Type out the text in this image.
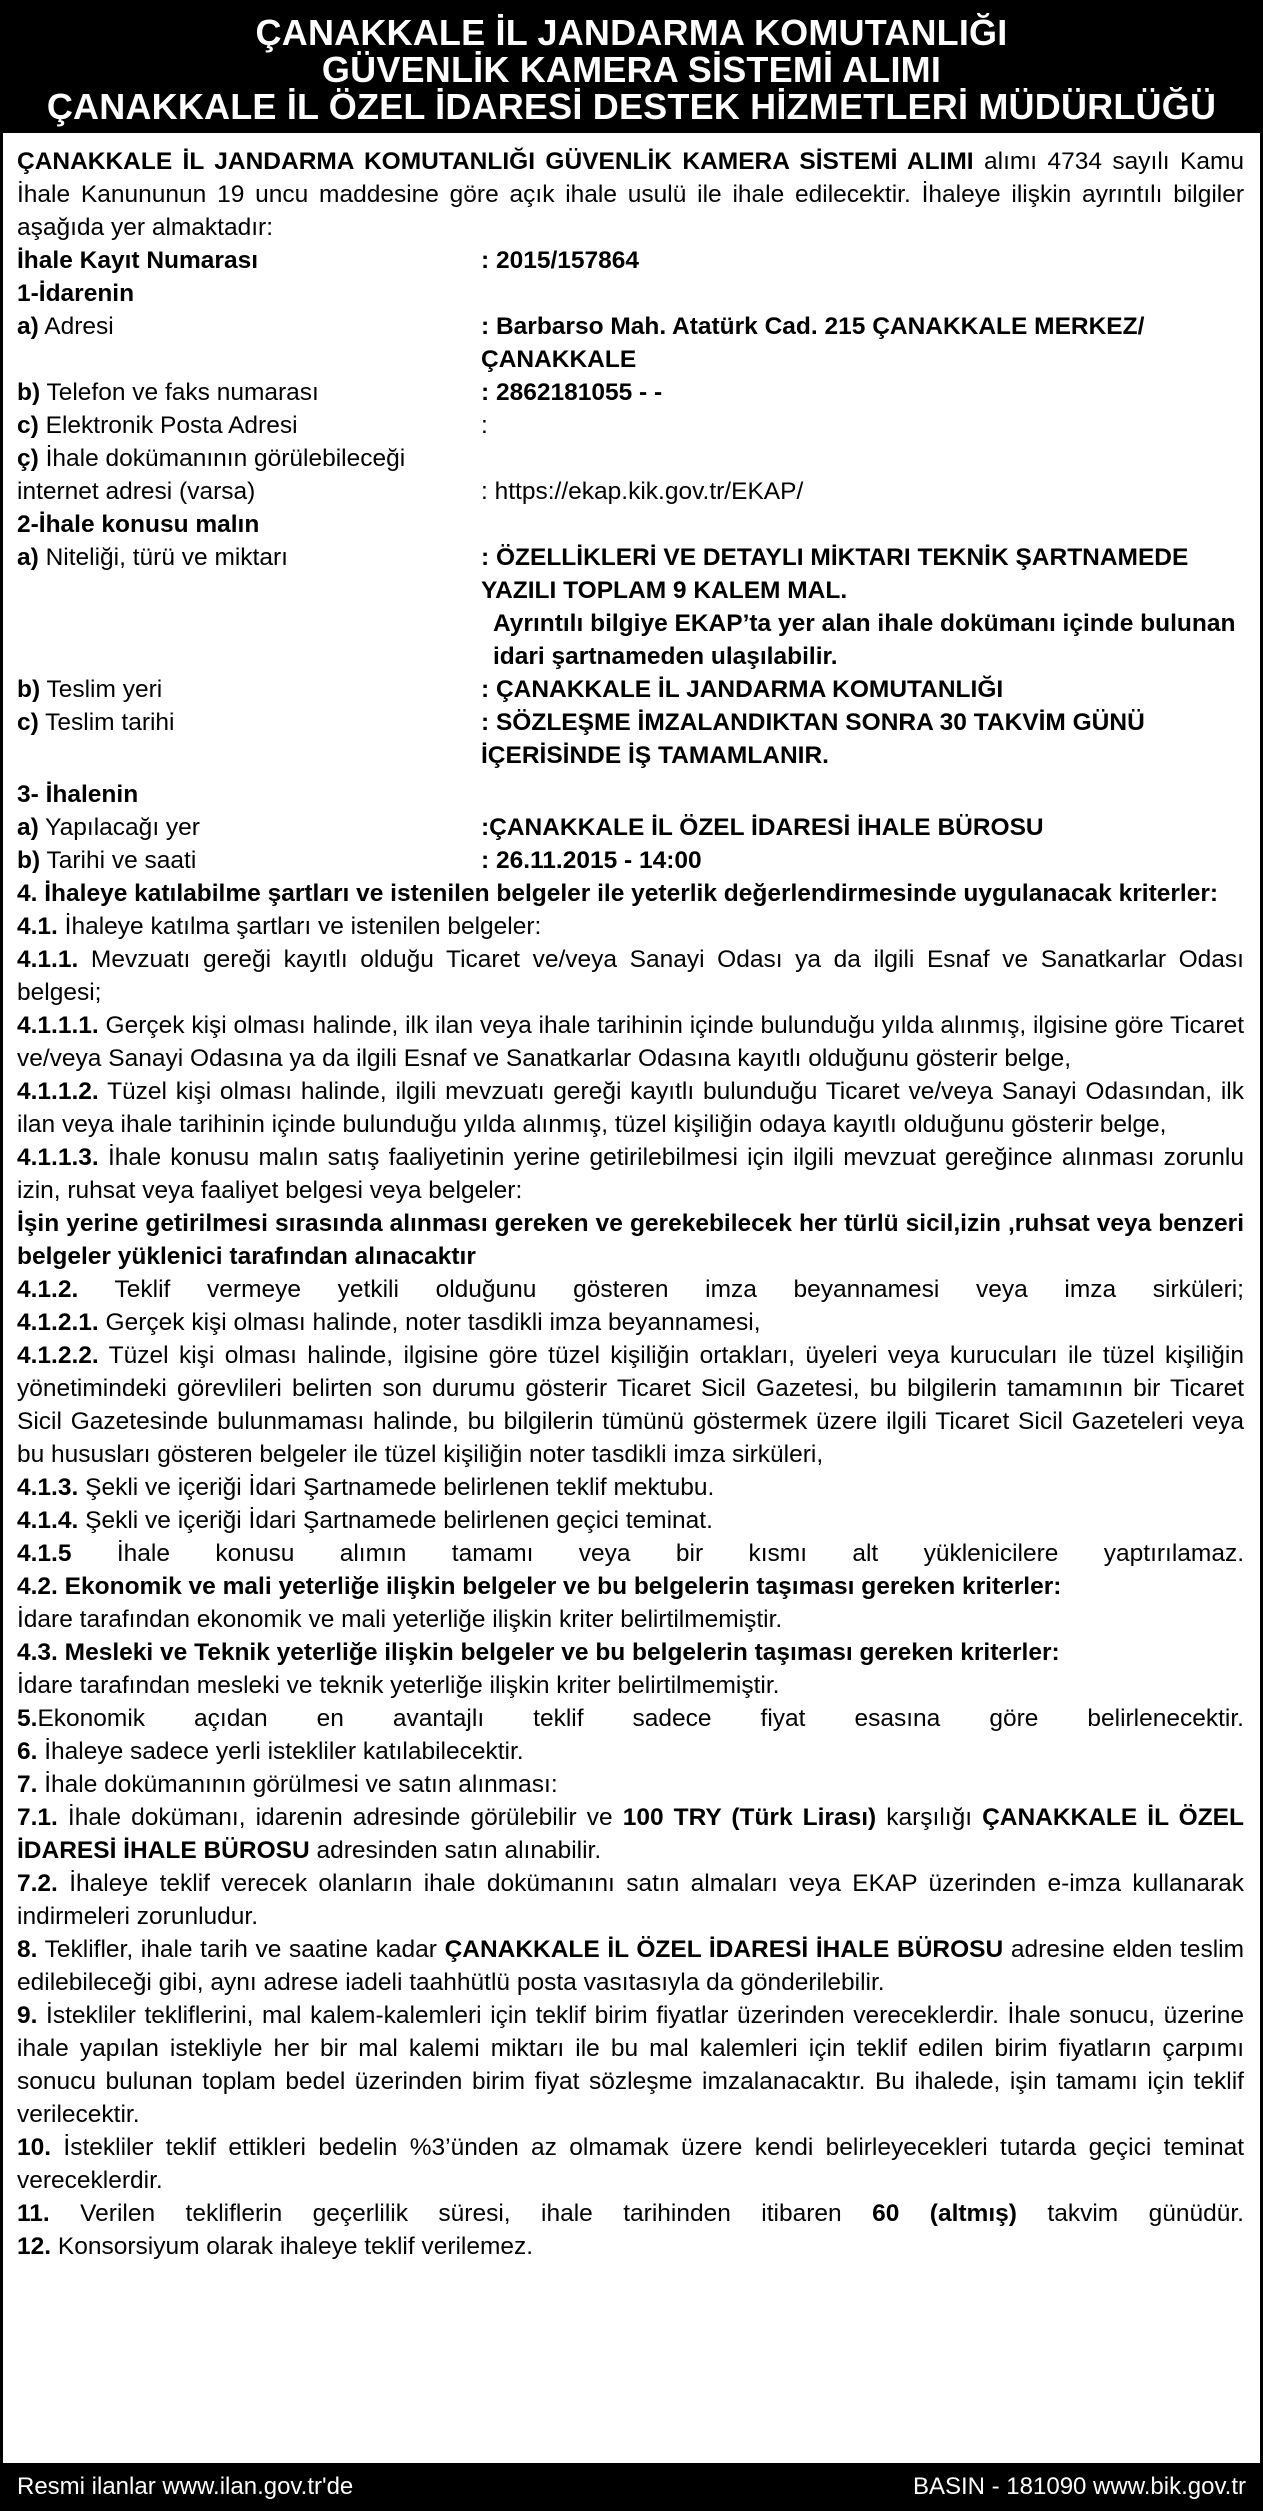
ÇANAKKALE İL JANDARMA KOMUTANLIĞI
GÜVENLİK KAMERA SİSTEMİ ALIMI
ÇANAKKALE İL ÖZEL İDARESİ DESTEK HİZMETLERİ MÜDÜRLÜĞÜ

ÇANAKKALE İL JANDARMA KOMUTANLIĞI GÜVENLİK KAMERA SİSTEMİ ALIMI alımı 4734 sayılı Kamu İhale Kanununun 19 uncu maddesine göre açık ihale usulü ile ihale edilecektir. İhaleye ilişkin ayrıntılı bilgiler aşağıda yer almaktadır:

İhale Kayıt Numarası	: 2015/157864
1-İdarenin
a) Adresi	: Barbarso Mah. Atatürk Cad. 215 ÇANAKKALE MERKEZ/ÇANAKKALE
b) Telefon ve faks numarası	: 2862181055 - -
c) Elektronik Posta Adresi	:
ç) İhale dokümanının görülebileceği
internet adresi (varsa)	: https://ekap.kik.gov.tr/EKAP/
2-İhale konusu malın
a) Niteliği, türü ve miktarı	: ÖZELLİKLERİ VE DETAYLI MİKTARI TEKNİK ŞARTNAMEDE YAZILI TOPLAM 9 KALEM MAL.
Ayrıntılı bilgiye EKAP’ta yer alan ihale dokümanı içinde bulunan idari şartnameden ulaşılabilir.
b) Teslim yeri	: ÇANAKKALE İL JANDARMA KOMUTANLIĞI
c) Teslim tarihi	: SÖZLEŞME İMZALANDIKTAN SONRA 30 TAKVİM GÜNÜ İÇERİSİNDE İŞ TAMAMLANIR.
3- İhalenin
a) Yapılacağı yer	:ÇANAKKALE İL ÖZEL İDARESİ İHALE BÜROSU
b) Tarihi ve saati	: 26.11.2015 - 14:00

4. İhaleye katılabilme şartları ve istenilen belgeler ile yeterlik değerlendirmesinde uygulanacak kriterler:

4.1. İhaleye katılma şartları ve istenilen belgeler:

4.1.1. Mevzuatı gereği kayıtlı olduğu Ticaret ve/veya Sanayi Odası ya da ilgili Esnaf ve Sanatkarlar Odası belgesi;

4.1.1.1. Gerçek kişi olması halinde, ilk ilan veya ihale tarihinin içinde bulunduğu yılda alınmış, ilgisine göre Ticaret ve/veya Sanayi Odasına ya da ilgili Esnaf ve Sanatkarlar Odasına kayıtlı olduğunu gösterir belge,

4.1.1.2. Tüzel kişi olması halinde, ilgili mevzuatı gereği kayıtlı bulunduğu Ticaret ve/veya Sanayi Odasından, ilk ilan veya ihale tarihinin içinde bulunduğu yılda alınmış, tüzel kişiliğin odaya kayıtlı olduğunu gösterir belge,

4.1.1.3. İhale konusu malın satış faaliyetinin yerine getirilebilmesi için ilgili mevzuat gereğince alınması zorunlu izin, ruhsat veya faaliyet belgesi veya belgeler:

İşin yerine getirilmesi sırasında alınması gereken ve gerekebilecek her türlü sicil,izin ,ruhsat veya benzeri belgeler yüklenici tarafından alınacaktır

4.1.2. Teklif vermeye yetkili olduğunu gösteren imza beyannamesi veya imza sirküleri;

4.1.2.1. Gerçek kişi olması halinde, noter tasdikli imza beyannamesi,

4.1.2.2. Tüzel kişi olması halinde, ilgisine göre tüzel kişiliğin ortakları, üyeleri veya kurucuları ile tüzel kişiliğin yönetimindeki görevlileri belirten son durumu gösterir Ticaret Sicil Gazetesi, bu bilgilerin tamamının bir Ticaret Sicil Gazetesinde bulunmaması halinde, bu bilgilerin tümünü göstermek üzere ilgili Ticaret Sicil Gazeteleri veya bu hususları gösteren belgeler ile tüzel kişiliğin noter tasdikli imza sirküleri,

4.1.3. Şekli ve içeriği İdari Şartnamede belirlenen teklif mektubu.

4.1.4. Şekli ve içeriği İdari Şartnamede belirlenen geçici teminat.

4.1.5 İhale konusu alımın tamamı veya bir kısmı alt yüklenicilere yaptırılamaz.

4.2. Ekonomik ve mali yeterliğe ilişkin belgeler ve bu belgelerin taşıması gereken kriterler:
İdare tarafından ekonomik ve mali yeterliğe ilişkin kriter belirtilmemiştir.

4.3. Mesleki ve Teknik yeterliğe ilişkin belgeler ve bu belgelerin taşıması gereken kriterler:
İdare tarafından mesleki ve teknik yeterliğe ilişkin kriter belirtilmemiştir.

5.Ekonomik açıdan en avantajlı teklif sadece fiyat esasına göre belirlenecektir.

6. İhaleye sadece yerli istekliler katılabilecektir.

7. İhale dokümanının görülmesi ve satın alınması:

7.1. İhale dokümanı, idarenin adresinde görülebilir ve 100 TRY (Türk Lirası) karşılığı ÇANAKKALE İL ÖZEL İDARESİ İHALE BÜROSU adresinden satın alınabilir.

7.2. İhaleye teklif verecek olanların ihale dokümanını satın almaları veya EKAP üzerinden e-imza kullanarak indirmeleri zorunludur.

8. Teklifler, ihale tarih ve saatine kadar ÇANAKKALE İL ÖZEL İDARESİ İHALE BÜROSU adresine elden teslim edilebileceği gibi, aynı adrese iadeli taahhütlü posta vasıtasıyla da gönderilebilir.

9. İstekliler tekliflerini, mal kalem-kalemleri için teklif birim fiyatlar üzerinden vereceklerdir. İhale sonucu, üzerine ihale yapılan istekliyle her bir mal kalemi miktarı ile bu mal kalemleri için teklif edilen birim fiyatların çarpımı sonucu bulunan toplam bedel üzerinden birim fiyat sözleşme imzalanacaktır. Bu ihalede, işin tamamı için teklif verilecektir.

10. İstekliler teklif ettikleri bedelin %3’ünden az olmamak üzere kendi belirleyecekleri tutarda geçici teminat vereceklerdir.

11. Verilen tekliflerin geçerlilik süresi, ihale tarihinden itibaren 60 (altmış) takvim günüdür.

12. Konsorsiyum olarak ihaleye teklif verilemez.

Resmi ilanlar www.ilan.gov.tr'de	BASIN - 181090 www.bik.gov.tr
